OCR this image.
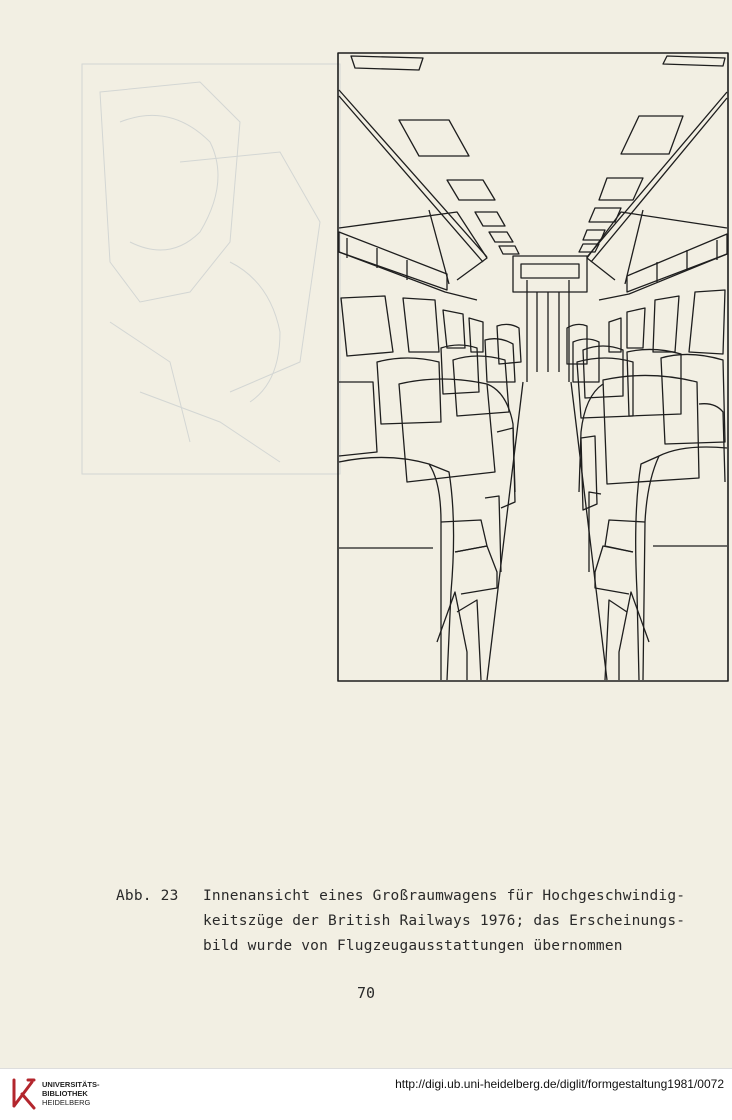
Abb. 23 Innenansicht eines Großraumwagens für Hochgeschwindig-
keitszüge der British Railways 1976; das Erscheinungs-
bild wurde von Flugzeugausstattungen übernommen
70
UNIVERSITÄTS-
BIBLIOTHEK
HEIDELBERG
http://digi.ub.uni-heidelberg.de/diglit/formgestaltung1981/0072
